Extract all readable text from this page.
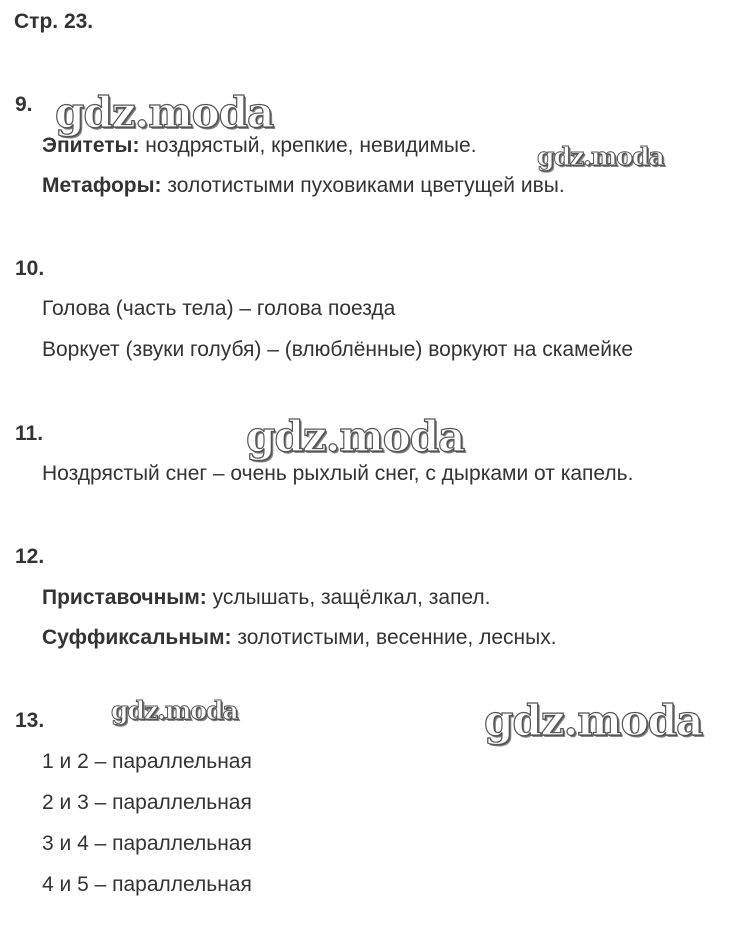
Стр. 23.
9.
Эпитеты: ноздрястый, крепкие, невидимые.
Метафоры: золотистыми пуховиками цветущей ивы.
10.
Голова (часть тела) – голова поезда
Воркует (звуки голубя) – (влюблённые) воркуют на скамейке
11.
Ноздрястый снег – очень рыхлый снег, с дырками от капель.
12.
Приставочным: услышать, защёлкал, запел.
Суффиксальным: золотистыми, весенние, лесных.
13.
1 и 2 – параллельная
2 и 3 – параллельная
3 и 4 – параллельная
4 и 5 – параллельная
gdz.moda
gdz.moda
gdz.moda
gdz.moda	gdz.moda
